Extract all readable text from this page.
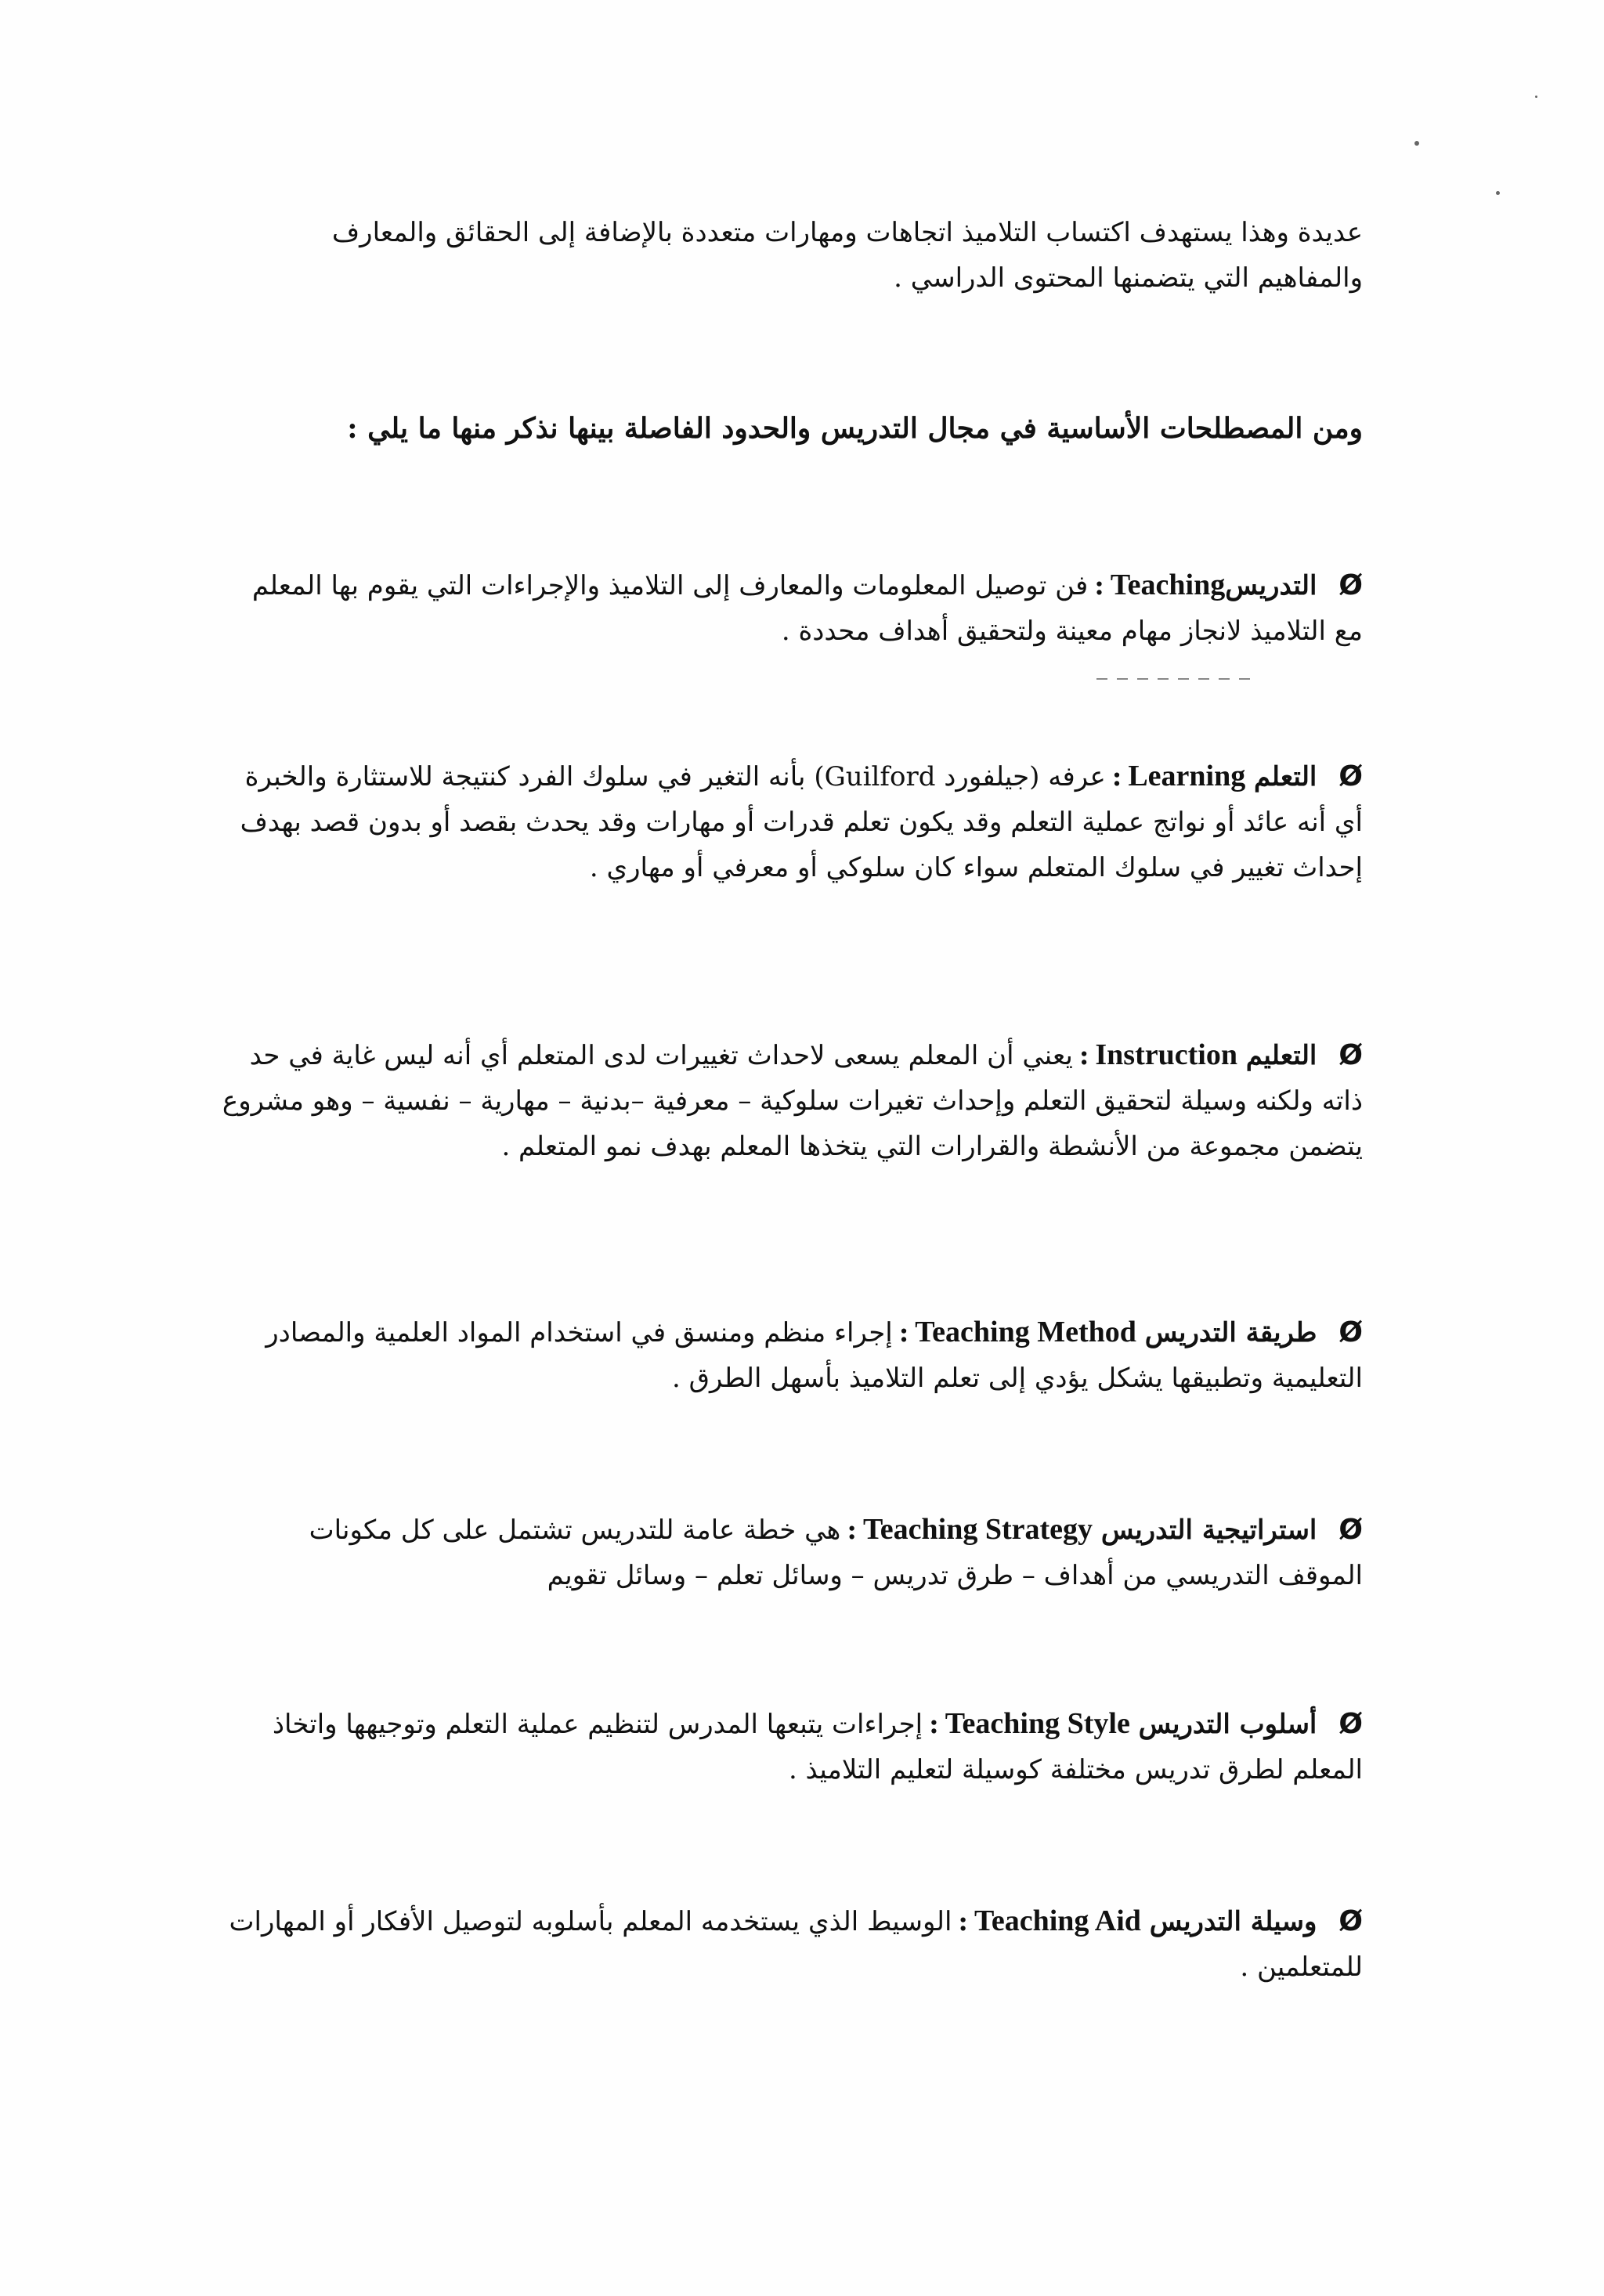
عديدة وهذا يستهدف اكتساب التلاميذ اتجاهات ومهارات متعددة بالإضافة إلى الحقائق والمعارف
والمفاهيم التي يتضمنها المحتوى الدراسي .
ومن المصطلحات الأساسية في مجال التدريس والحدود الفاصلة بينها نذكر منها ما يلي :
ØالتدريسTeaching:فن توصيل المعلومات والمعارف إلى التلاميذ والإجراءات التي يقوم بها المعلم مع التلاميذ لانجاز مهام معينة ولتحقيق أهداف محددة .
Øالتعلم Learning:عرفه (جيلفورد Guilford) بأنه التغير في سلوك الفرد كنتيجة للاستثارة والخبرة أي أنه عائد أو نواتج عملية التعلم وقد يكون تعلم قدرات أو مهارات وقد يحدث بقصد أو بدون قصد بهدف إحداث تغيير في سلوك المتعلم سواء كان سلوكي أو معرفي أو مهاري .
Øالتعليم Instruction:يعني أن المعلم يسعى لاحداث تغييرات لدى المتعلم أي أنه ليس غاية في حد ذاته ولكنه وسيلة لتحقيق التعلم وإحداث تغيرات سلوكية – معرفية –بدنية – مهارية – نفسية – وهو مشروع يتضمن مجموعة من الأنشطة والقرارات التي يتخذها المعلم بهدف نمو المتعلم .
Øطريقة التدريس Teaching Method:إجراء منظم ومنسق في استخدام المواد العلمية والمصادر التعليمية وتطبيقها يشكل يؤدي إلى تعلم التلاميذ بأسهل الطرق .
Øاستراتيجية التدريس Teaching Strategy:هي خطة عامة للتدريس تشتمل على كل مكونات الموقف التدريسي من أهداف – طرق تدريس – وسائل تعلم – وسائل تقويم
Øأسلوب التدريس Teaching Style:إجراءات يتبعها المدرس لتنظيم عملية التعلم وتوجيهها واتخاذ المعلم لطرق تدريس مختلفة كوسيلة لتعليم التلاميذ .
Øوسيلة التدريس Teaching Aid:الوسيط الذي يستخدمه المعلم بأسلوبه لتوصيل الأفكار أو المهارات للمتعلمين .
